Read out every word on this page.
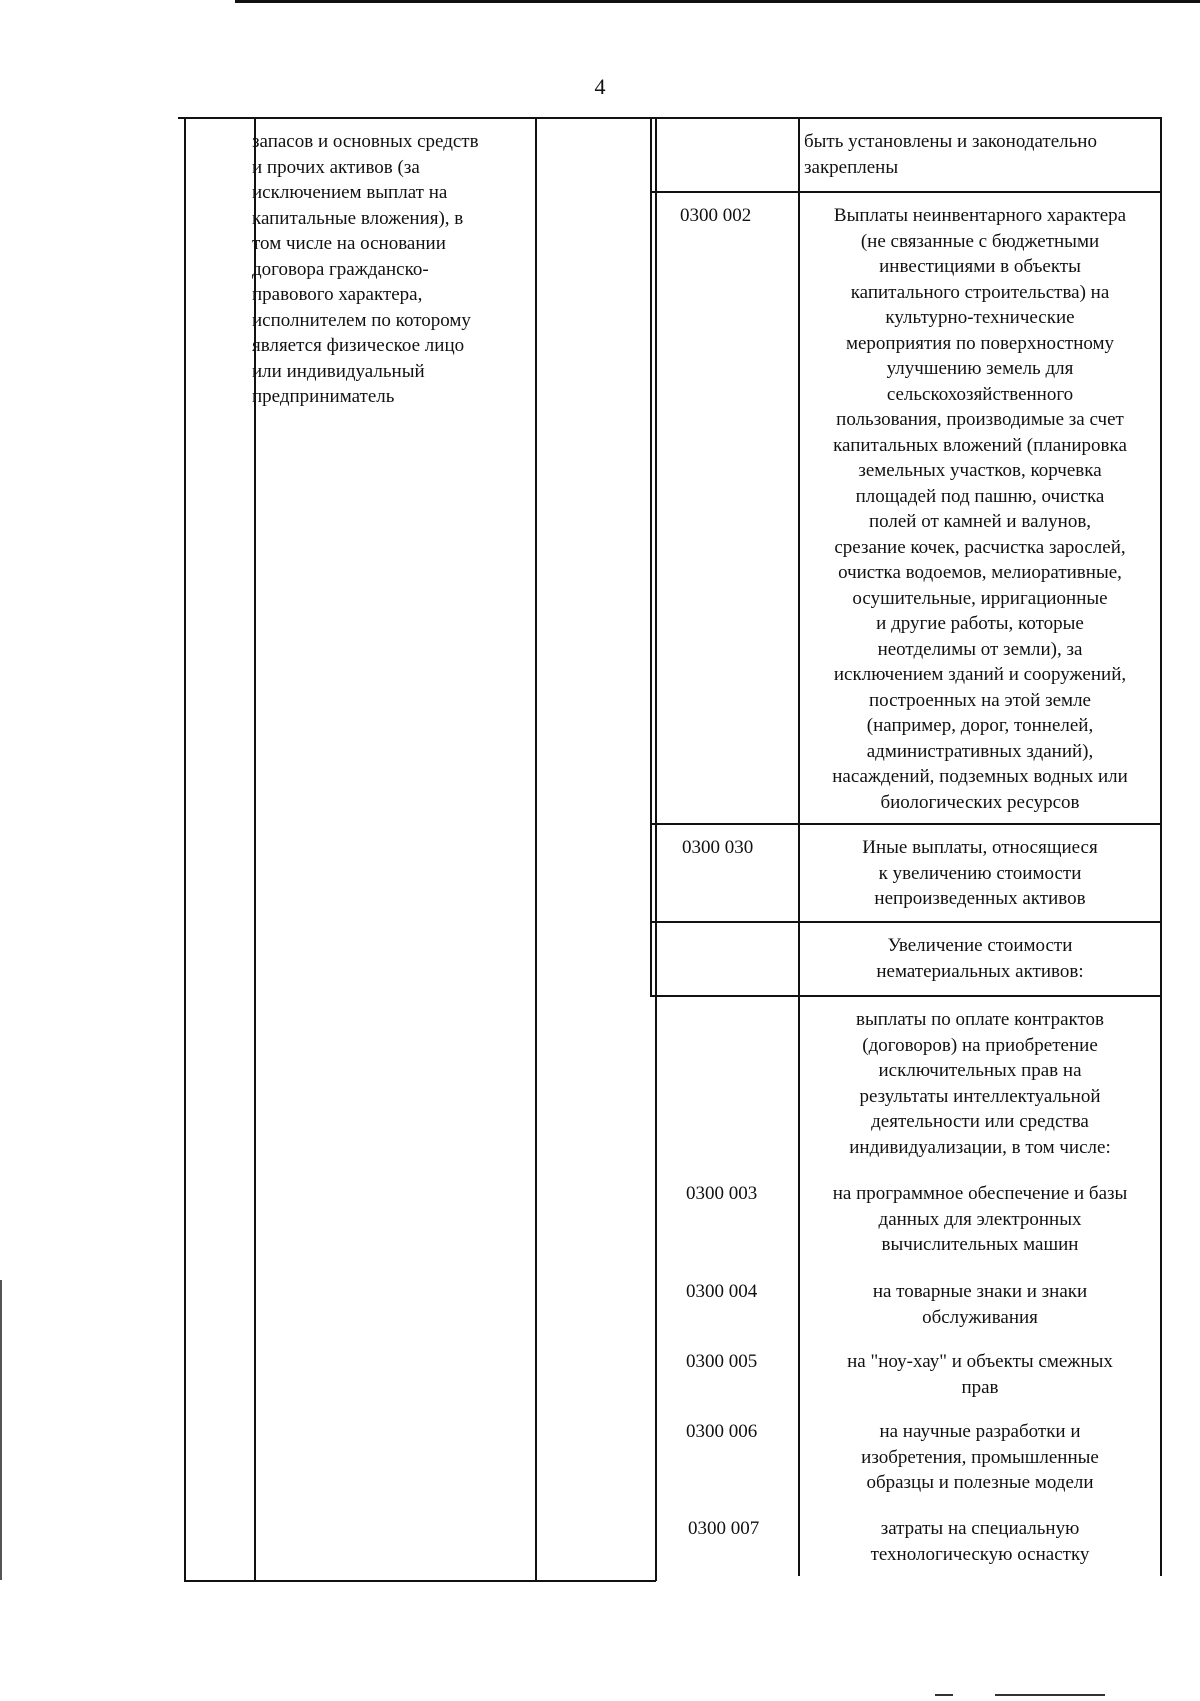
4
запасов и основных средств
и прочих активов (за
исключением выплат на
капитальные вложения), в
том числе на основании
договора гражданско-
правового характера,
исполнителем по которому
является физическое лицо
или индивидуальный
предприниматель
быть установлены и законодательно
закреплены
0300 002	Выплаты неинвентарного характера
(не связанные с бюджетными
инвестициями в объекты
капитального строительства) на
культурно-технические
мероприятия по поверхностному
улучшению земель для
сельскохозяйственного
пользования, производимые за счет
капитальных вложений (планировка
земельных участков, корчевка
площадей под пашню, очистка
полей от камней и валунов,
срезание кочек, расчистка зарослей,
очистка водоемов, мелиоративные,
осушительные, ирригационные
и другие работы, которые
неотделимы от земли), за
исключением зданий и сооружений,
построенных на этой земле
(например, дорог, тоннелей,
административных зданий),
насаждений, подземных водных или
биологических ресурсов
0300 030	Иные выплаты, относящиеся
к увеличению стоимости
непроизведенных активов
Увеличение стоимости
нематериальных активов:
выплаты по оплате контрактов
(договоров) на приобретение
исключительных прав на
результаты интеллектуальной
деятельности или средства
индивидуализации, в том числе:
0300 003	на программное обеспечение и базы
данных для электронных
вычислительных машин
0300 004	на товарные знаки и знаки
обслуживания
0300 005	на "ноу-хау" и объекты смежных
прав
0300 006	на научные разработки и
изобретения, промышленные
образцы и полезные модели
0300 007	затраты на специальную
технологическую оснастку
